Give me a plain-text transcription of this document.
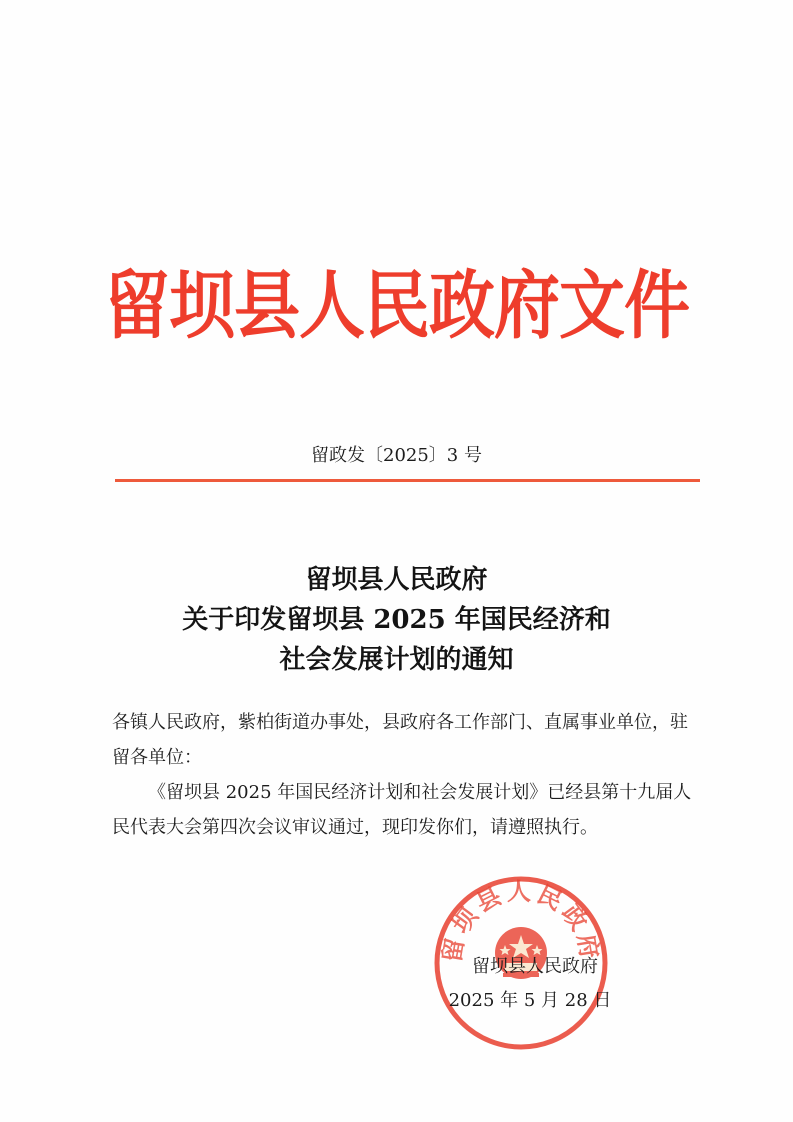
留坝县人民政府文件
留政发〔2025〕3 号
留坝县人民政府
关于印发留坝县 2025 年国民经济和
社会发展计划的通知
各镇人民政府，紫柏街道办事处，县政府各工作部门、直属事业单位，驻留各单位：
《留坝县 2025 年国民经济计划和社会发展计划》已经县第十九届人民代表大会第四次会议审议通过，现印发你们，请遵照执行。
留坝县人民政府
留坝县人民政府
2025 年 5 月 28 日
